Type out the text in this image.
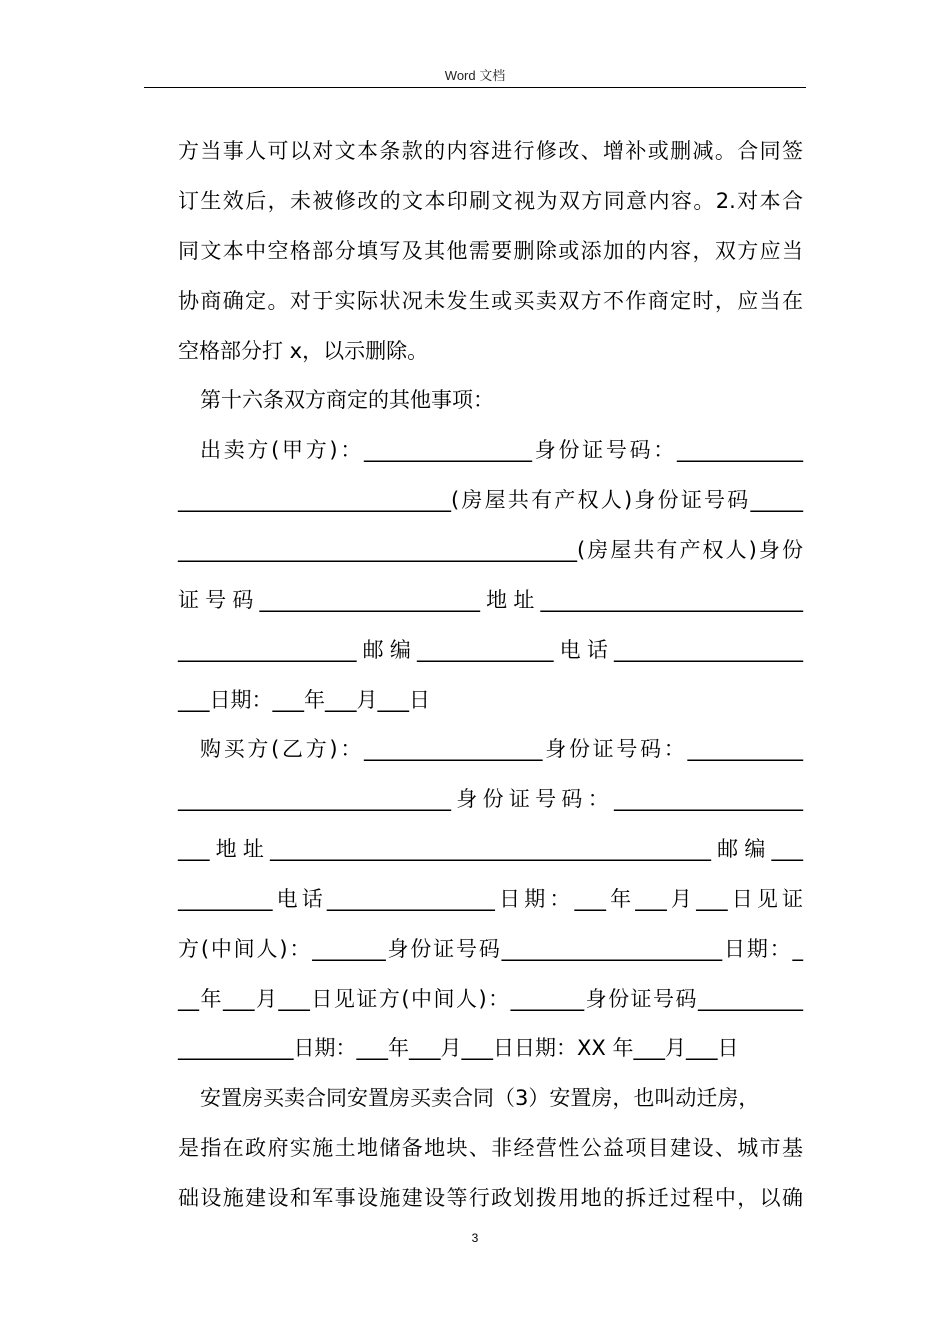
Word 文档
方当事人可以对文本条款的内容进行修改、增补或删减。合同签
订生效后，未被修改的文本印刷文视为双方同意内容。2.对本合
同文本中空格部分填写及其他需要删除或添加的内容，双方应当
协商确定。对于实际状况未发生或买卖双方不作商定时，应当在
空格部分打 x，以示删除。
第十六条双方商定的其他事项：
出卖方(甲方)：________________身份证号码：____________
__________________________(房屋共有产权人)身份证号码_____
______________________________________(房屋共有产权人)身份
证号码_____________________地址_________________________
_________________邮编_____________电话__________________
___日期：___年___月___日
购买方(乙方)：_________________身份证号码：___________
__________________________身份证号码：__________________
___地址__________________________________________邮编___
_________电话________________日期：___年___月___日见证
方(中间人)：_______身份证号码_____________________日期：_
__年___月___日见证方(中间人)：_______身份证号码__________
___________日期：___年___月___日日期：XX 年___月___日
安置房买卖合同安置房买卖合同（3）安置房，也叫动迁房，
是指在政府实施土地储备地块、非经营性公益项目建设、城市基
础设施建设和军事设施建设等行政划拨用地的拆迁过程中，以确
3
